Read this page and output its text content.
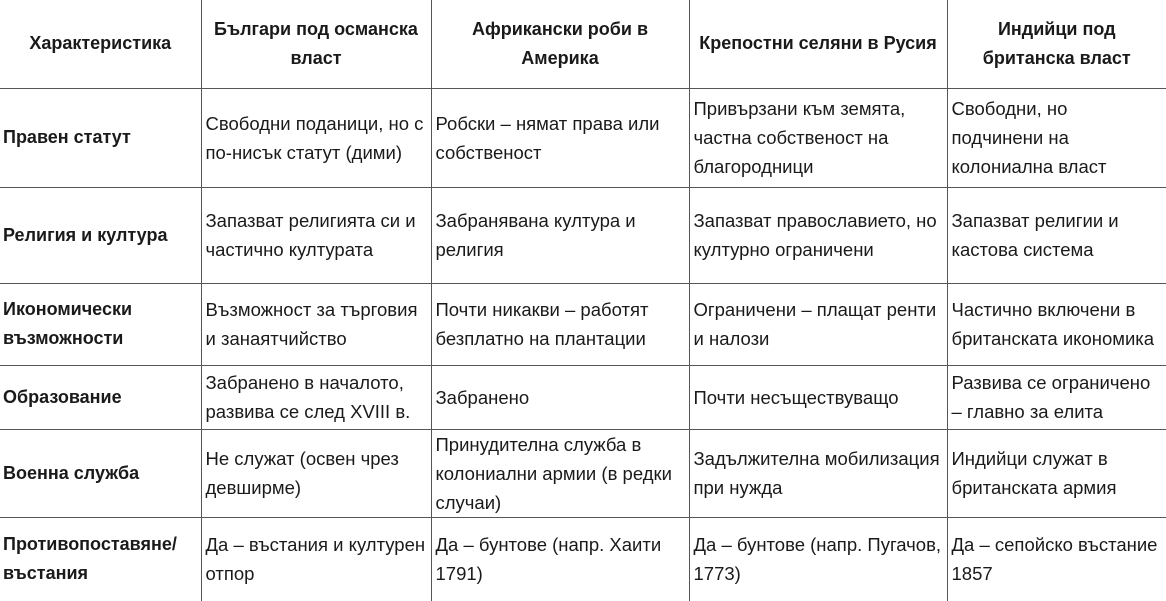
Характеристика	Българи под османска власт	Африкански роби в Америка	Крепостни селяни в Русия	Индийци под британска власт
Правен статут	Свободни поданици, но с по-нисък статут (дими)	Робски – нямат права или собственост	Привързани към земята, частна собственост на благородници	Свободни, но подчинени на колониална власт
Религия и култура	Запазват религията си и частично културата	Забранявана култура и религия	Запазват православието, но културно ограничени	Запазват религии и кастова система
Икономически възможности	Възможност за търговия и занаятчийство	Почти никакви – работят безплатно на плантации	Ограничени – плащат ренти и налози	Частично включени в британската икономика
Образование	Забранено в началото, развива се след XVIII в.	Забранено	Почти несъществуващо	Развива се ограничено – главно за елита
Военна служба	Не служат (освен чрез девширме)	Принудителна служба в колониални армии (в редки случаи)	Задължителна мобилизация при нужда	Индийци служат в британската армия
Противопоставяне/ въстания	Да – въстания и културен отпор	Да – бунтове (напр. Хаити 1791)	Да – бунтове (напр. Пугачов, 1773)	Да – сепойско въстание 1857
